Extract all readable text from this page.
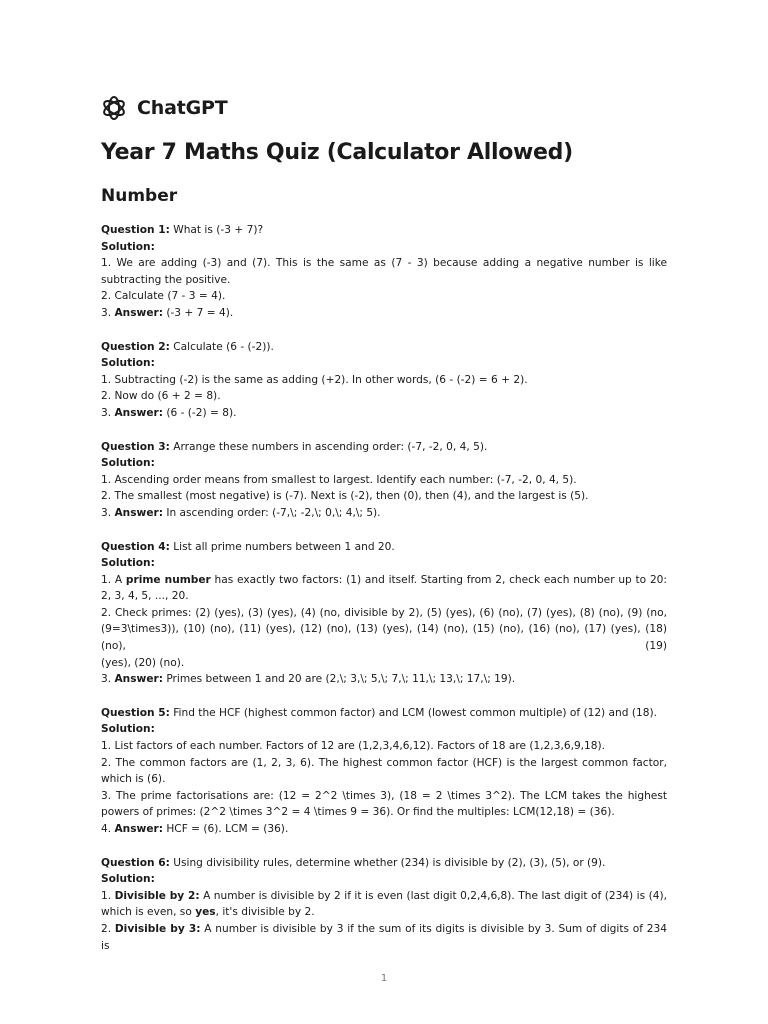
ChatGPT
Year 7 Maths Quiz (Calculator Allowed)
Number
Question 1: What is (-3 + 7)?
Solution:
1. We are adding (-3) and (7). This is the same as (7 - 3) because adding a negative number is like
subtracting the positive.
2. Calculate (7 - 3 = 4).
3. Answer: (-3 + 7 = 4).
Question 2: Calculate (6 - (-2)).
Solution:
1. Subtracting (-2) is the same as adding (+2). In other words, (6 - (-2) = 6 + 2).
2. Now do (6 + 2 = 8).
3. Answer: (6 - (-2) = 8).
Question 3: Arrange these numbers in ascending order: (-7, -2, 0, 4, 5).
Solution:
1. Ascending order means from smallest to largest. Identify each number: (-7, -2, 0, 4, 5).
2. The smallest (most negative) is (-7). Next is (-2), then (0), then (4), and the largest is (5).
3. Answer: In ascending order: (-7,\; -2,\; 0,\; 4,\; 5).
Question 4: List all prime numbers between 1 and 20.
Solution:
1. A prime number has exactly two factors: (1) and itself. Starting from 2, check each number up to 20:
2, 3, 4, 5, ..., 20.
2. Check primes: (2) (yes), (3) (yes), (4) (no, divisible by 2), (5) (yes), (6) (no), (7) (yes), (8) (no), (9) (no,
(9=3\times3)), (10) (no), (11) (yes), (12) (no), (13) (yes), (14) (no), (15) (no), (16) (no), (17) (yes), (18) (no), (19)
(yes), (20) (no).
3. Answer: Primes between 1 and 20 are (2,\; 3,\; 5,\; 7,\; 11,\; 13,\; 17,\; 19).
Question 5: Find the HCF (highest common factor) and LCM (lowest common multiple) of (12) and (18).
Solution:
1. List factors of each number. Factors of 12 are (1,2,3,4,6,12). Factors of 18 are (1,2,3,6,9,18).
2. The common factors are (1, 2, 3, 6). The highest common factor (HCF) is the largest common factor,
which is (6).
3. The prime factorisations are: (12 = 2^2 \times 3), (18 = 2 \times 3^2). The LCM takes the highest
powers of primes: (2^2 \times 3^2 = 4 \times 9 = 36). Or find the multiples: LCM(12,18) = (36).
4. Answer: HCF = (6). LCM = (36).
Question 6: Using divisibility rules, determine whether (234) is divisible by (2), (3), (5), or (9).
Solution:
1. Divisible by 2: A number is divisible by 2 if it is even (last digit 0,2,4,6,8). The last digit of (234) is (4),
which is even, so yes, it's divisible by 2.
2. Divisible by 3: A number is divisible by 3 if the sum of its digits is divisible by 3. Sum of digits of 234 is
1
